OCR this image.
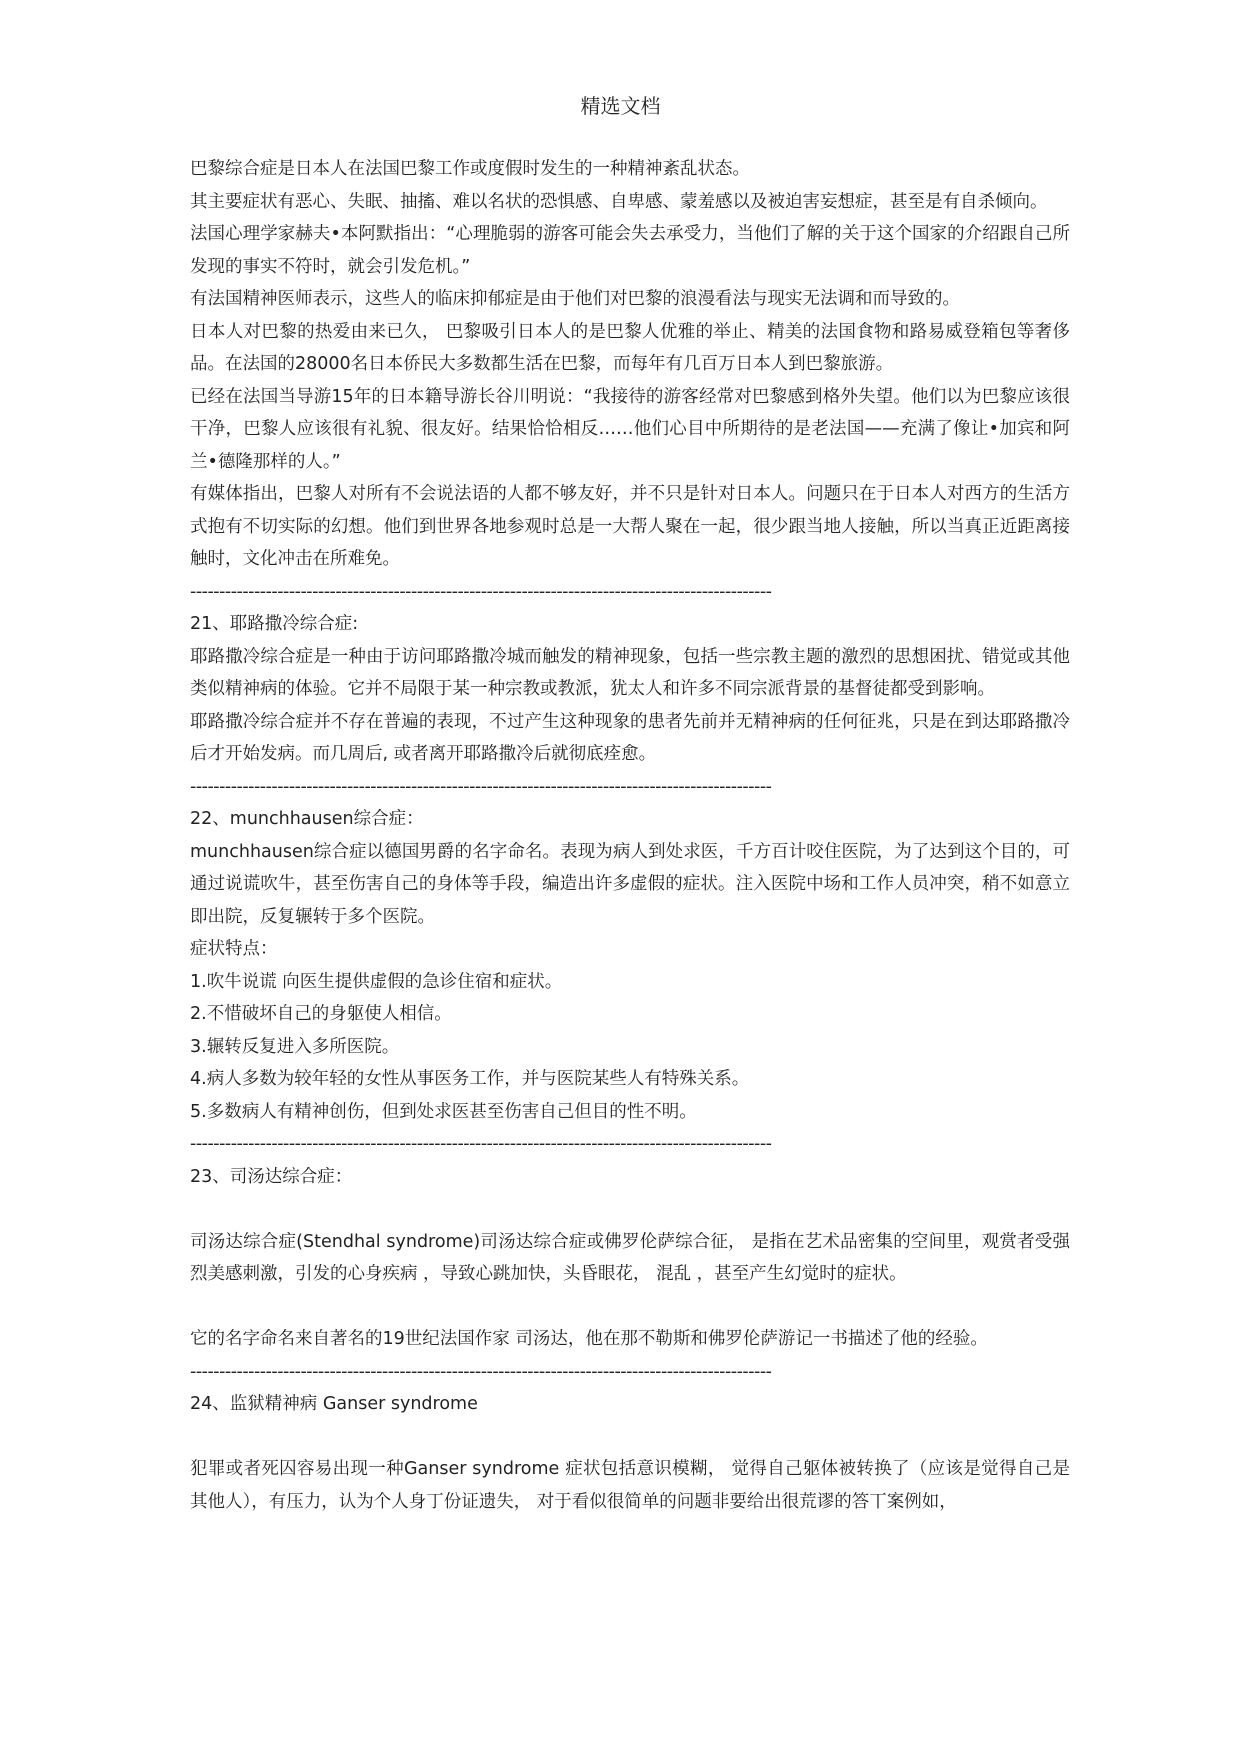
精选文档

巴黎综合症是日本人在法国巴黎工作或度假时发生的一种精神紊乱状态。

其主要症状有恶心、失眠、抽搐、难以名状的恐惧感、自卑感、蒙羞感以及被迫害妄想症，甚至是有自杀倾向。

法国心理学家赫夫•本阿默指出：“心理脆弱的游客可能会失去承受力，当他们了解的关于这个国家的介绍跟自己所发现的事实不符时，就会引发危机。”

有法国精神医师表示，这些人的临床抑郁症是由于他们对巴黎的浪漫看法与现实无法调和而导致的。

日本人对巴黎的热爱由来已久， 巴黎吸引日本人的是巴黎人优雅的举止、精美的法国食物和路易威登箱包等奢侈品。在法国的28000名日本侨民大多数都生活在巴黎，而每年有几百万日本人到巴黎旅游。

已经在法国当导游15年的日本籍导游长谷川明说：“我接待的游客经常对巴黎感到格外失望。他们以为巴黎应该很干净，巴黎人应该很有礼貌、很友好。结果恰恰相反……他们心目中所期待的是老法国——充满了像让•加宾和阿兰•德隆那样的人。”

有媒体指出，巴黎人对所有不会说法语的人都不够友好，并不只是针对日本人。问题只在于日本人对西方的生活方式抱有不切实际的幻想。他们到世界各地参观时总是一大帮人聚在一起，很少跟当地人接触，所以当真正近距离接触时，文化冲击在所难免。

----------------------------------------------------------------------------------------------------

21、耶路撒冷综合症:

耶路撒冷综合症是一种由于访问耶路撒冷城而触发的精神现象，包括一些宗教主题的激烈的思想困扰、错觉或其他类似精神病的体验。它并不局限于某一种宗教或教派，犹太人和许多不同宗派背景的基督徒都受到影响。

耶路撒冷综合症并不存在普遍的表现，不过产生这种现象的患者先前并无精神病的任何征兆，只是在到达耶路撒冷后才开始发病。而几周后, 或者离开耶路撒冷后就彻底痊愈。

----------------------------------------------------------------------------------------------------

22、munchhausen综合症：

munchhausen综合症以德国男爵的名字命名。表现为病人到处求医，千方百计咬住医院，为了达到这个目的，可通过说谎吹牛，甚至伤害自己的身体等手段，编造出许多虚假的症状。注入医院中场和工作人员冲突，稍不如意立即出院，反复辗转于多个医院。

症状特点：

1.吹牛说谎 向医生提供虚假的急诊住宿和症状。

2.不惜破坏自己的身躯使人相信。

3.辗转反复进入多所医院。

4.病人多数为较年轻的女性从事医务工作，并与医院某些人有特殊关系。

5.多数病人有精神创伤，但到处求医甚至伤害自己但目的性不明。

----------------------------------------------------------------------------------------------------

23、司汤达综合症：

司汤达综合症(Stendhal syndrome)司汤达综合症或佛罗伦萨综合征， 是指在艺术品密集的空间里，观赏者受强烈美感刺激，引发的心身疾病 ，导致心跳加快，头昏眼花， 混乱 ，甚至产生幻觉时的症状。

它的名字命名来自著名的19世纪法国作家 司汤达，他在那不勒斯和佛罗伦萨游记一书描述了他的经验。

----------------------------------------------------------------------------------------------------

24、监狱精神病 Ganser syndrome

犯罪或者死囚容易出现一种Ganser syndrome 症状包括意识模糊， 觉得自己躯体被转换了（应该是觉得自己是其他人），有压力，认为个人身丁份证遗失， 对于看似很简单的问题非要给出很荒谬的答丅案例如，
